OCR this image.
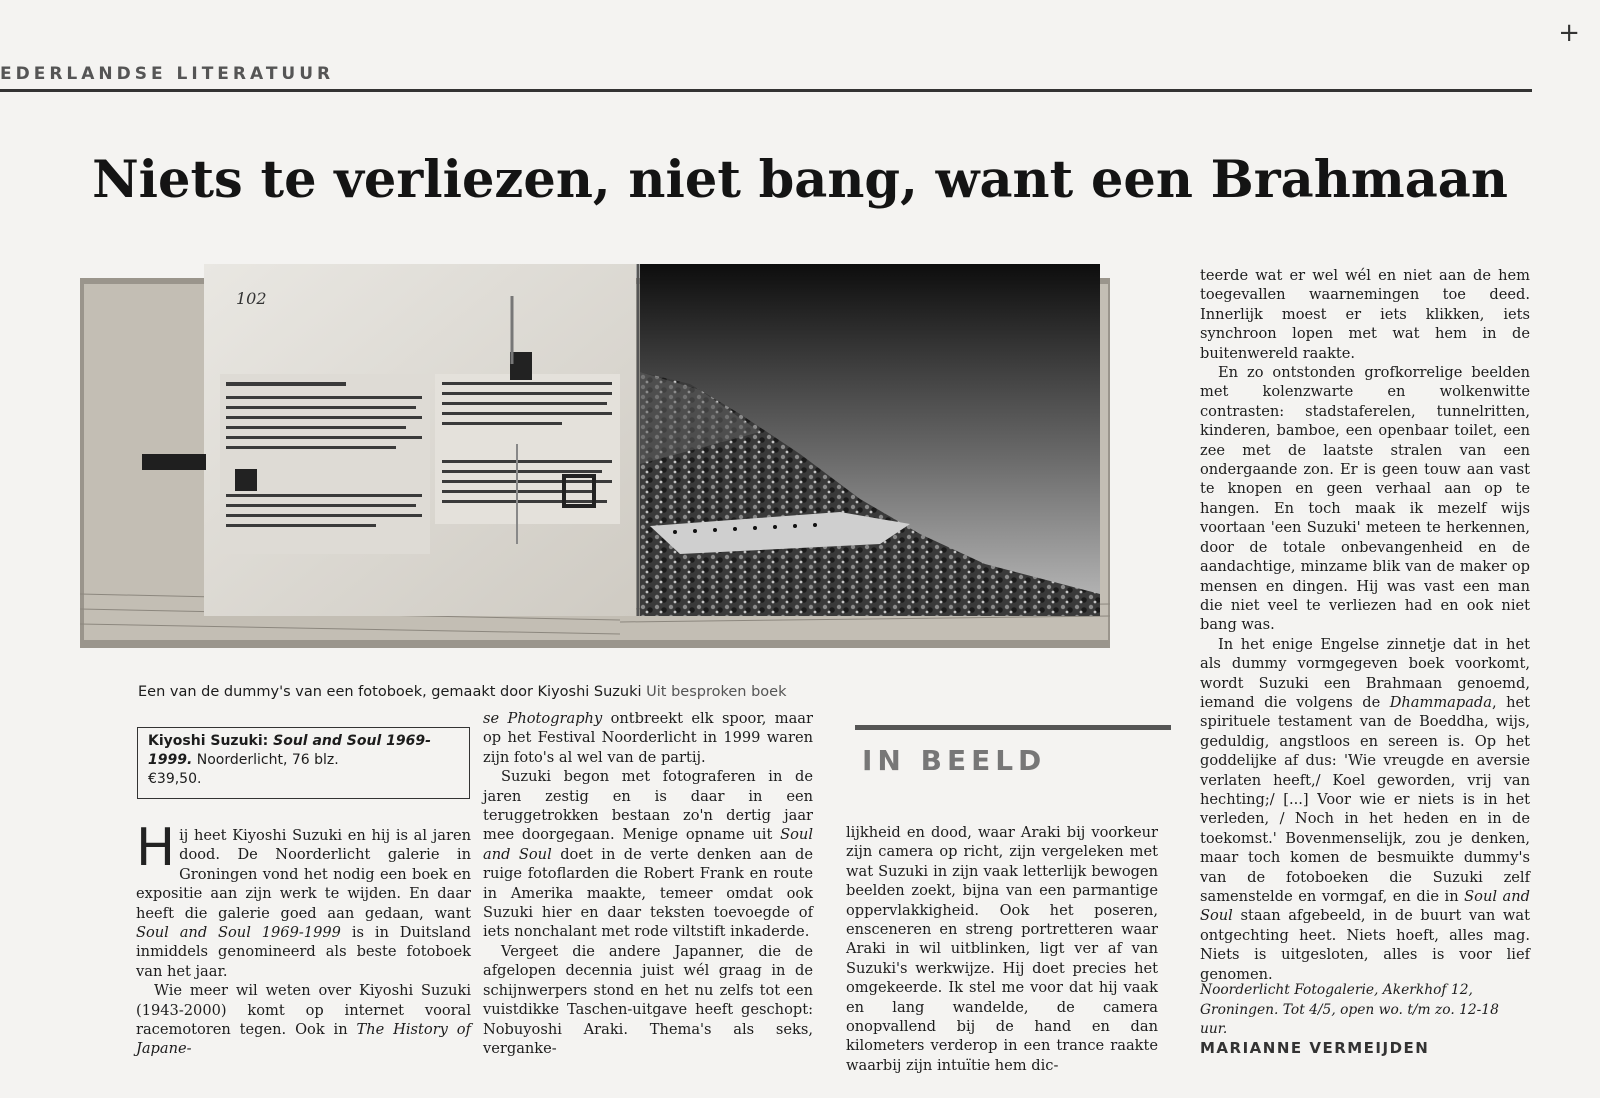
EDERLANDSE LITERATUUR
+
Niets te verliezen, niet bang, want een Brahmaan
102
Een van de dummy's van een fotoboek, gemaakt door Kiyoshi Suzuki Uit besproken boek
Kiyoshi Suzuki: Soul and Soul 1969-1999. Noorderlicht, 76 blz.
€39,50.

Hij heet Kiyoshi Suzuki en hij is al jaren dood. De Noorderlicht galerie in Groningen vond het nodig een boek en expositie aan zijn werk te wijden. En daar heeft die galerie goed aan gedaan, want Soul and Soul 1969-1999 is in Duitsland inmiddels genomineerd als beste fotoboek van het jaar.

Wie meer wil weten over Kiyoshi Suzuki (1943-2000) komt op internet vooral racemotoren tegen. Ook in The History of Japane-

se Photography ontbreekt elk spoor, maar op het Festival Noorderlicht in 1999 waren zijn foto's al wel van de partij.

Suzuki begon met fotograferen in de jaren zestig en is daar in een teruggetrokken bestaan zo'n dertig jaar mee doorgegaan. Menige opname uit Soul and Soul doet in de verte denken aan de ruige fotoflarden die Robert Frank en route in Amerika maakte, temeer omdat ook Suzuki hier en daar teksten toevoegde of iets nonchalant met rode viltstift inkaderde.

Vergeet die andere Japanner, die de afgelopen decennia juist wél graag in de schijnwerpers stond en het nu zelfs tot een vuistdikke Taschen-uitgave heeft geschopt: Nobuyoshi Araki. Thema's als seks, verganke-

IN BEELD

lijkheid en dood, waar Araki bij voorkeur zijn camera op richt, zijn vergeleken met wat Suzuki in zijn vaak letterlijk bewogen beelden zoekt, bijna van een parmantige oppervlakkigheid. Ook het poseren, ensceneren en streng portretteren waar Araki in wil uitblinken, ligt ver af van Suzuki's werkwijze. Hij doet precies het omgekeerde. Ik stel me voor dat hij vaak en lang wandelde, de camera onopvallend bij de hand en dan kilometers verderop in een trance raakte waarbij zijn intuïtie hem dic-

teerde wat er wel wél en niet aan de hem toegevallen waarnemingen toe deed. Innerlijk moest er iets klikken, iets synchroon lopen met wat hem in de buitenwereld raakte.

En zo ontstonden grofkorrelige beelden met kolenzwarte en wolkenwitte contrasten: stadstaferelen, tunnelritten, kinderen, bamboe, een openbaar toilet, een zee met de laatste stralen van een ondergaande zon. Er is geen touw aan vast te knopen en geen verhaal aan op te hangen. En toch maak ik mezelf wijs voortaan 'een Suzuki' meteen te herkennen, door de totale onbevangenheid en de aandachtige, minzame blik van de maker op mensen en dingen. Hij was vast een man die niet veel te verliezen had en ook niet bang was.

In het enige Engelse zinnetje dat in het als dummy vormgegeven boek voorkomt, wordt Suzuki een Brahmaan genoemd, iemand die volgens de Dhammapada, het spirituele testament van de Boeddha, wijs, geduldig, angstloos en sereen is. Op het goddelijke af dus: 'Wie vreugde en aversie verlaten heeft,/ Koel geworden, vrij van hechting;/ [...] Voor wie er niets is in het verleden, / Noch in het heden en in de toekomst.' Bovenmenselijk, zou je denken, maar toch komen de besmuikte dummy's van de fotoboeken die Suzuki zelf samenstelde en vormgaf, en die in Soul and Soul staan afgebeeld, in de buurt van wat ontgechting heet. Niets hoeft, alles mag. Niets is uitgesloten, alles is voor lief genomen.

Noorderlicht Fotogalerie, Akerkhof 12, Groningen. Tot 4/5, open wo. t/m zo. 12-18 uur.
MARIANNE VERMEIJDEN
